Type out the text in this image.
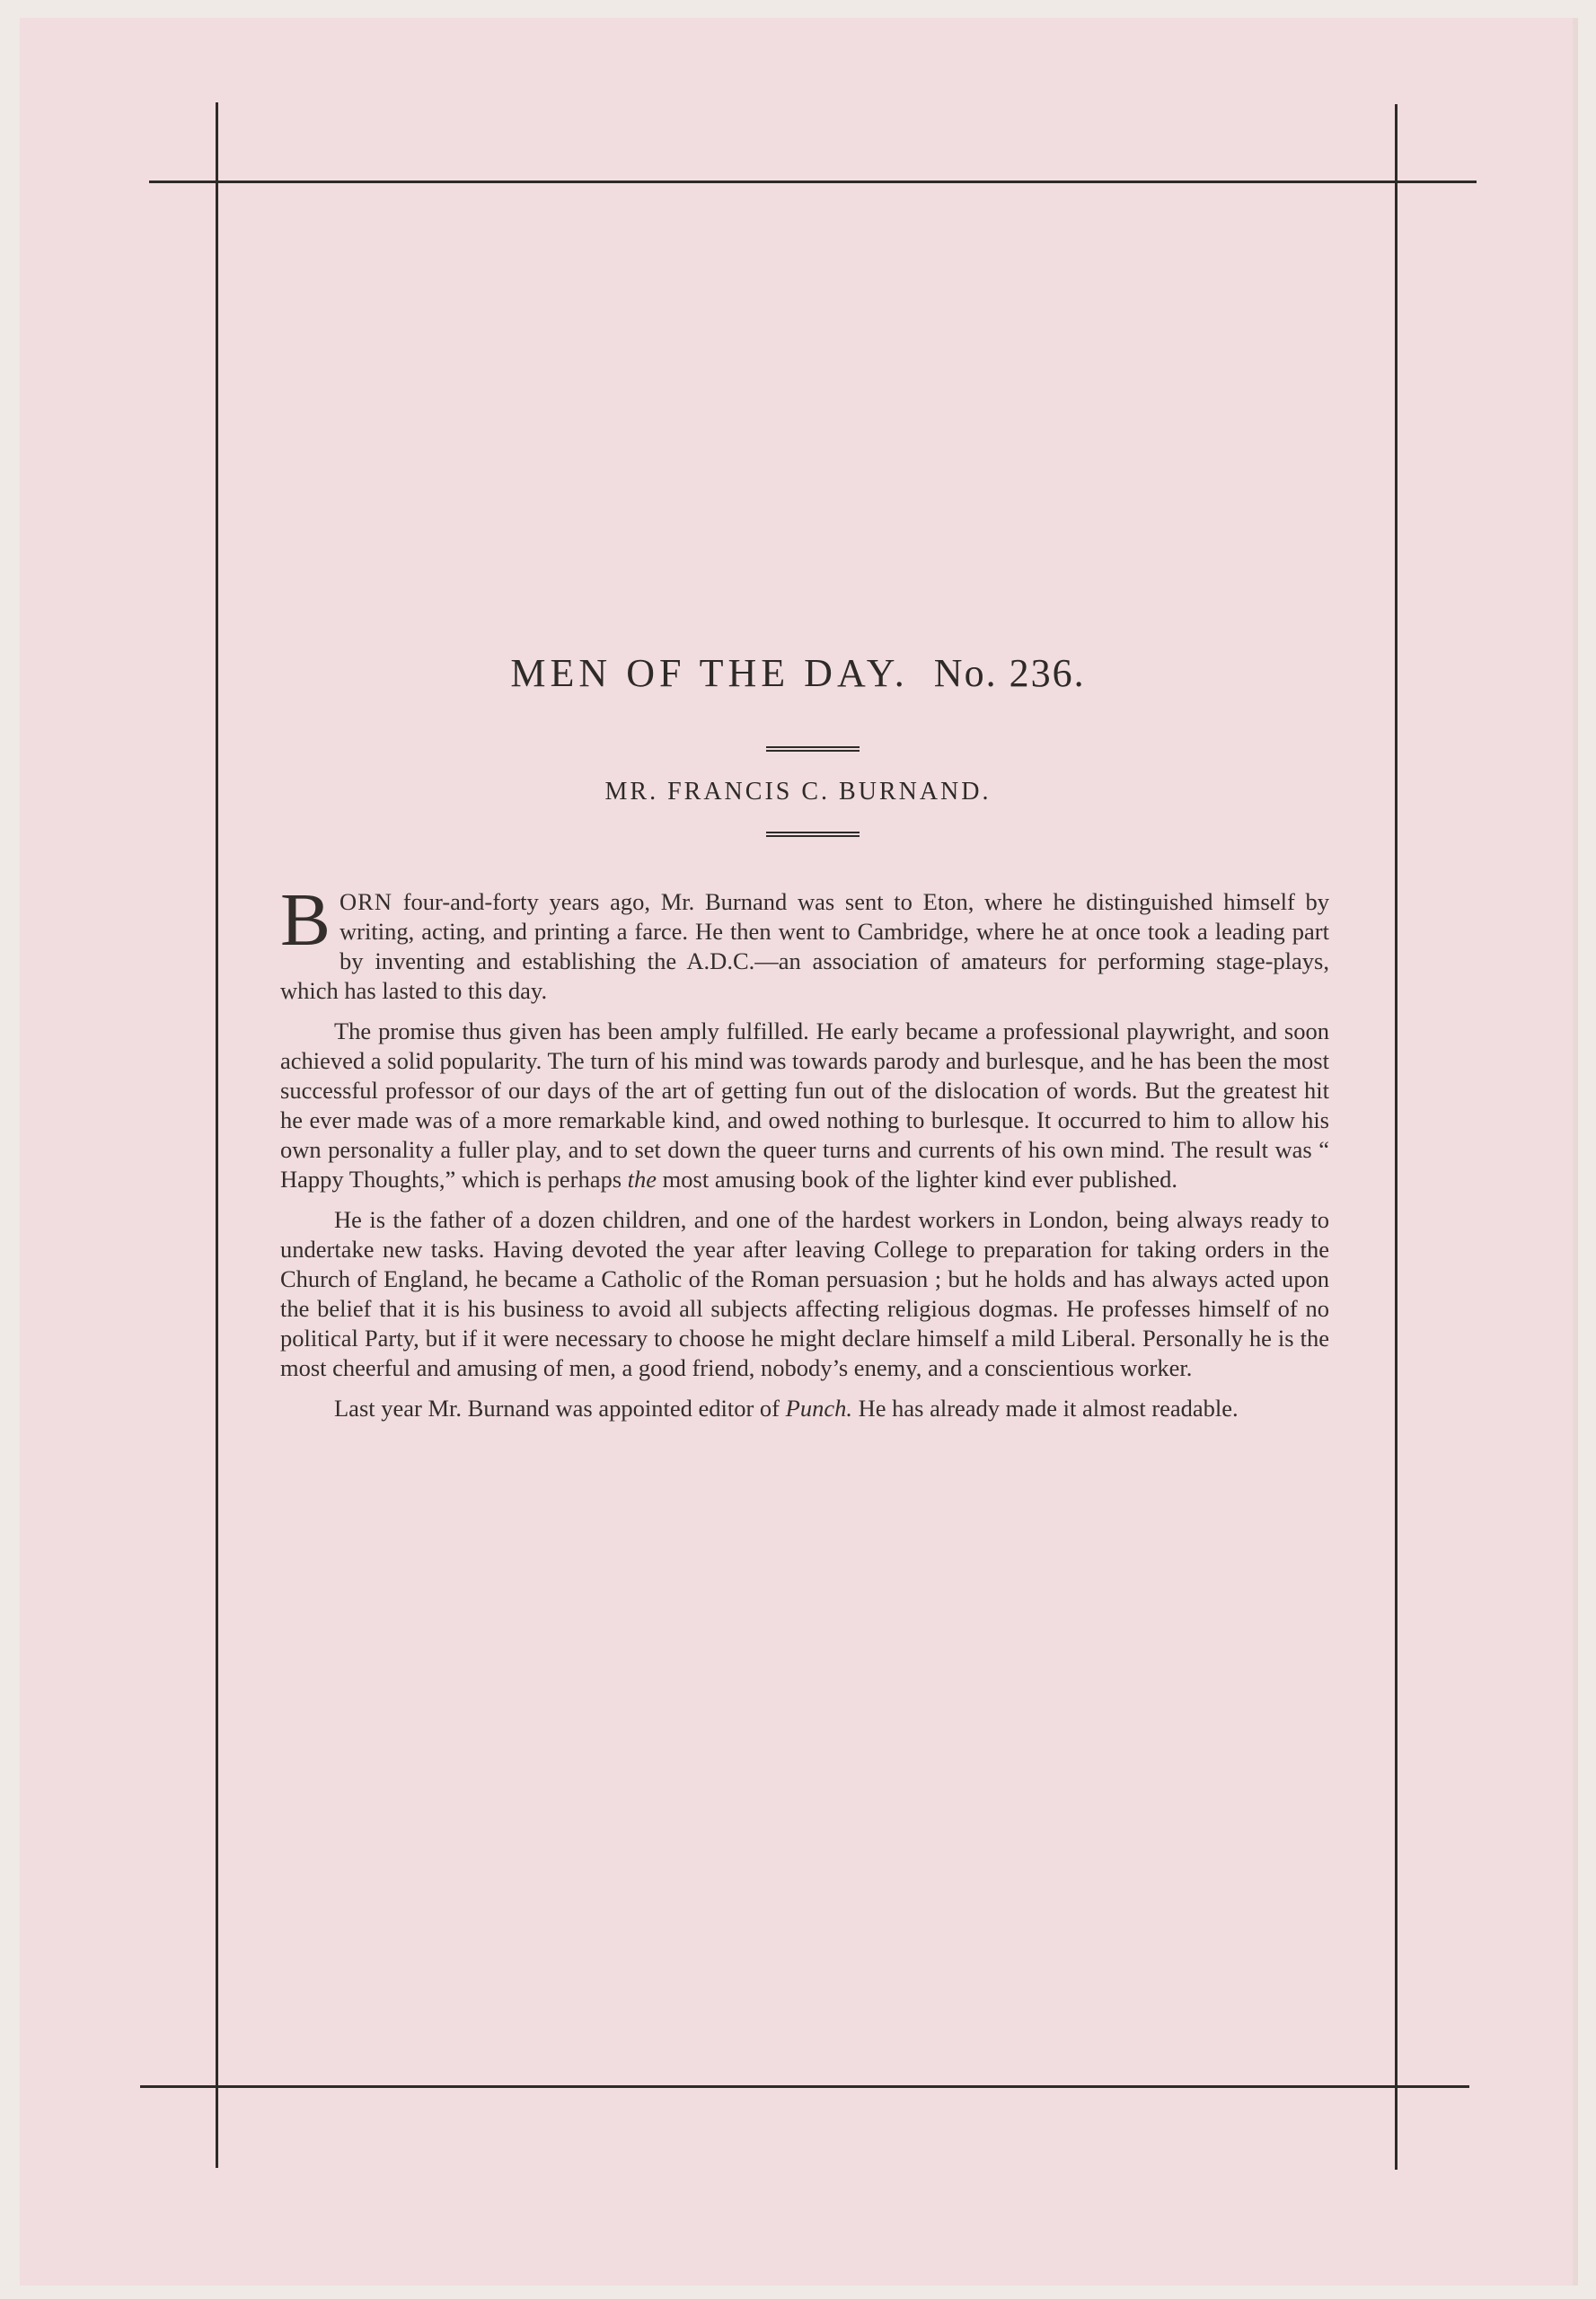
MEN OF THE DAY. No. 236.
MR. FRANCIS C. BURNAND.

BORN four-and-forty years ago, Mr. Burnand was sent to Eton, where he distinguished himself by writing, acting, and printing a farce. He then went to Cambridge, where he at once took a leading part by inventing and establishing the A.D.C.—an association of amateurs for performing stage-plays, which has lasted to this day.

The promise thus given has been amply fulfilled. He early became a professional playwright, and soon achieved a solid popularity. The turn of his mind was towards parody and burlesque, and he has been the most successful professor of our days of the art of getting fun out of the dislocation of words. But the greatest hit he ever made was of a more remarkable kind, and owed nothing to burlesque. It occurred to him to allow his own personality a fuller play, and to set down the queer turns and currents of his own mind. The result was “ Happy Thoughts,” which is perhaps the most amusing book of the lighter kind ever published.

He is the father of a dozen children, and one of the hardest workers in London, being always ready to undertake new tasks. Having devoted the year after leaving College to preparation for taking orders in the Church of England, he became a Catholic of the Roman persuasion ; but he holds and has always acted upon the belief that it is his business to avoid all subjects affecting religious dogmas. He professes himself of no political Party, but if it were necessary to choose he might declare himself a mild Liberal. Personally he is the most cheerful and amusing of men, a good friend, nobody’s enemy, and a conscientious worker.

Last year Mr. Burnand was appointed editor of Punch. He has already made it almost readable.
